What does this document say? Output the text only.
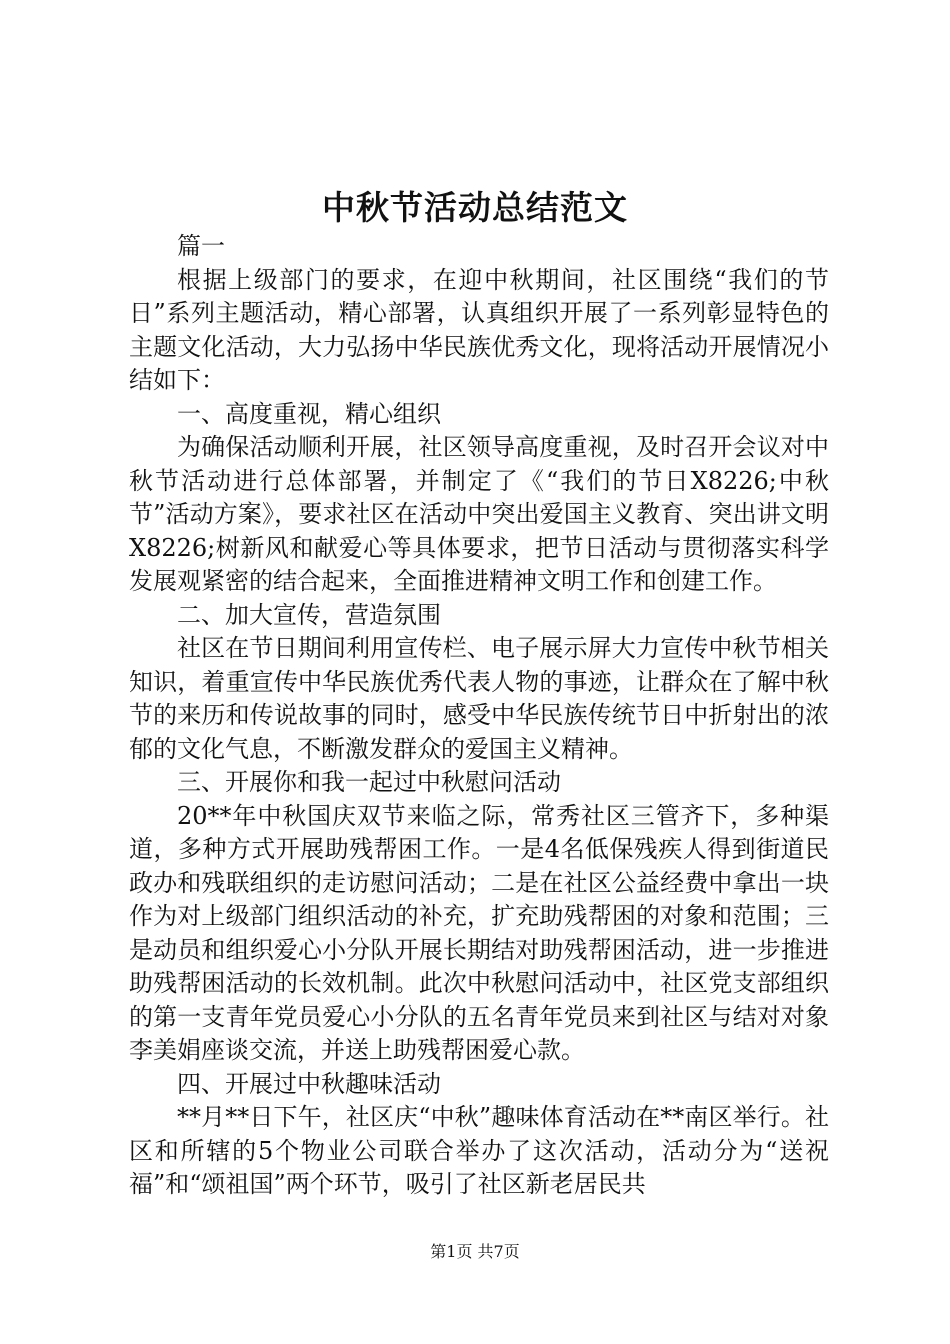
中秋节活动总结范文

篇一

根据上级部门的要求，在迎中秋期间，社区围绕“我们的节日”系列主题活动，精心部署，认真组织开展了一系列彰显特色的主题文化活动，大力弘扬中华民族优秀文化，现将活动开展情况小结如下：

一、高度重视，精心组织

为确保活动顺利开展，社区领导高度重视，及时召开会议对中秋节活动进行总体部署，并制定了《“我们的节日X8226;中秋节”活动方案》，要求社区在活动中突出爱国主义教育、突出讲文明X8226;树新风和献爱心等具体要求，把节日活动与贯彻落实科学发展观紧密的结合起来，全面推进精神文明工作和创建工作。

二、加大宣传，营造氛围

社区在节日期间利用宣传栏、电子展示屏大力宣传中秋节相关知识，着重宣传中华民族优秀代表人物的事迹，让群众在了解中秋节的来历和传说故事的同时，感受中华民族传统节日中折射出的浓郁的文化气息，不断激发群众的爱国主义精神。

三、开展你和我一起过中秋慰问活动

20**年中秋国庆双节来临之际，常秀社区三管齐下，多种渠道，多种方式开展助残帮困工作。一是4名低保残疾人得到街道民政办和残联组织的走访慰问活动；二是在社区公益经费中拿出一块作为对上级部门组织活动的补充，扩充助残帮困的对象和范围；三是动员和组织爱心小分队开展长期结对助残帮困活动，进一步推进助残帮困活动的长效机制。此次中秋慰问活动中，社区党支部组织的第一支青年党员爱心小分队的五名青年党员来到社区与结对对象李美娟座谈交流，并送上助残帮困爱心款。

四、开展过中秋趣味活动

**月**日下午，社区庆“中秋”趣味体育活动在**南区举行。社区和所辖的5个物业公司联合举办了这次活动，活动分为“送祝福”和“颂祖国”两个环节，吸引了社区新老居民共

第1页 共7页
